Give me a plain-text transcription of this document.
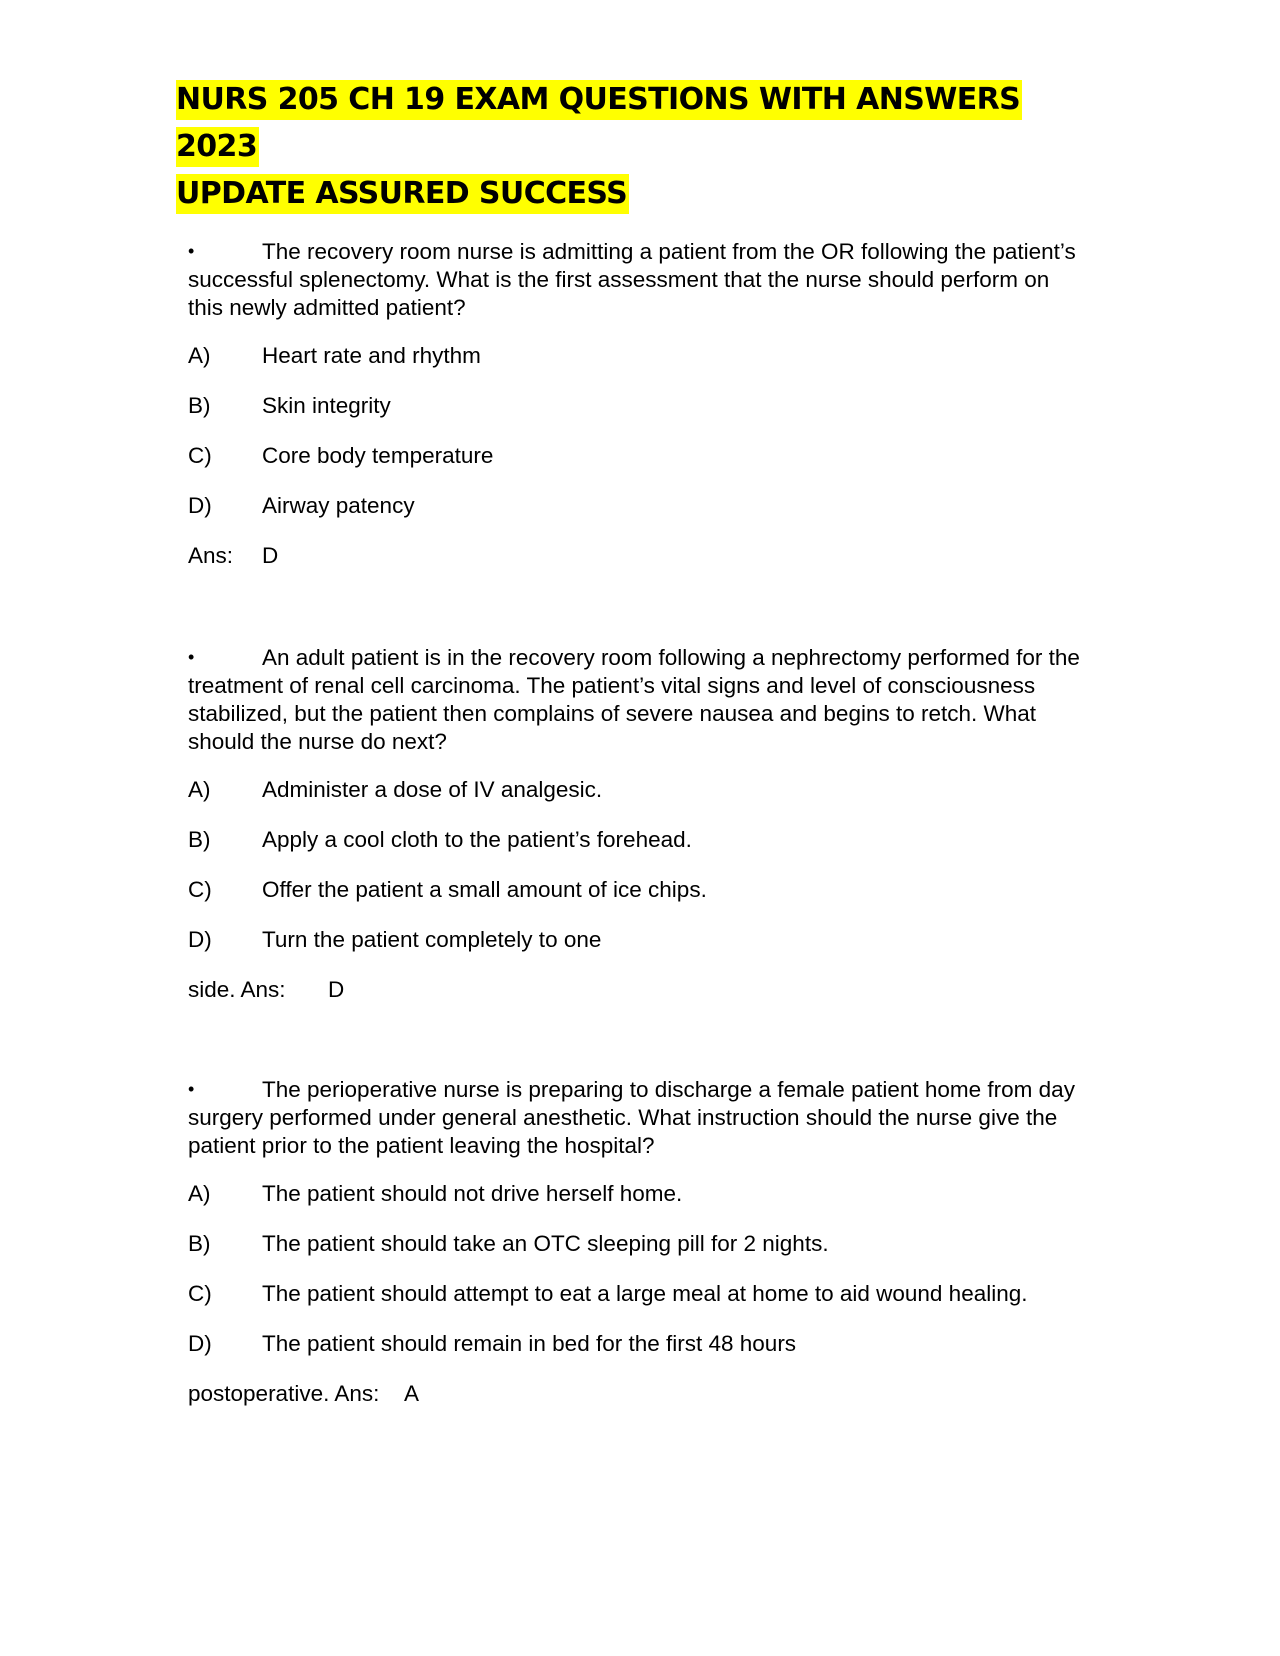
NURS 205 CH 19 EXAM QUESTIONS WITH ANSWERS 2023
UPDATE ASSURED SUCCESS

•	The recovery room nurse is admitting a patient from the OR following the patient’s successful splenectomy. What is the first assessment that the nurse should perform on this newly admitted patient?

A) Heart rate and rhythm
B) Skin integrity
C) Core body temperature
D) Airway patency
Ans: D

•	An adult patient is in the recovery room following a nephrectomy performed for the treatment of renal cell carcinoma. The patient’s vital signs and level of consciousness stabilized, but the patient then complains of severe nausea and begins to retch. What should the nurse do next?

A) Administer a dose of IV analgesic.
B) Apply a cool cloth to the patient’s forehead.
C) Offer the patient a small amount of ice chips.
D) Turn the patient completely to one
side. Ans: D

•	The perioperative nurse is preparing to discharge a female patient home from day surgery performed under general anesthetic. What instruction should the nurse give the patient prior to the patient leaving the hospital?

A) The patient should not drive herself home.
B) The patient should take an OTC sleeping pill for 2 nights.
C) The patient should attempt to eat a large meal at home to aid wound healing.
D) The patient should remain in bed for the first 48 hours
postoperative. Ans: A
